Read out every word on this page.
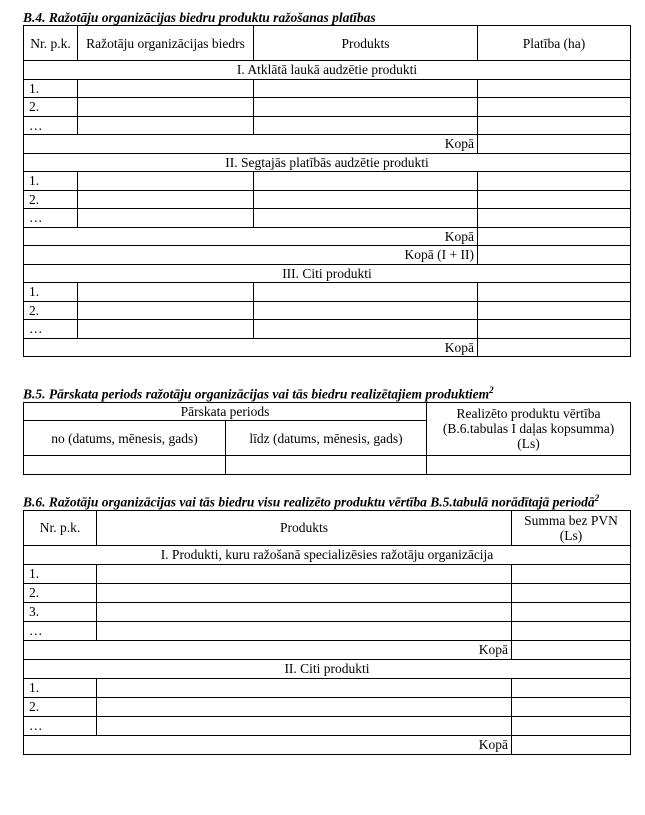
B.4. Ražotāju organizācijas biedru produktu ražošanas platības

Nr. p.k.	Ražotāju organizācijas biedrs	Produkts	Platība (ha)
I. Atklātā laukā audzētie produkti			
1.			
2.			
…			
Kopā			
II. Segtajās platībās audzētie produkti			
1.			
2.			
…			
Kopā			
Kopā (I + II)			
III. Citi produkti			
1.			
2.			
…			
Kopā			

B.5. Pārskata periods ražotāju organizācijas vai tās biedru realizētajiem produktiem$^2$

Pārskata periods		Realizēto produktu vērtība (B.6.tabulas I daļas kopsumma) (Ls)
no (datums, mēnesis, gads)	līdz (datums, mēnesis, gads)	

B.6. Ražotāju organizācijas vai tās biedru visu realizēto produktu vērtība B.5.tabulā norādītajā periodā$^2$

Nr. p.k.	Produkts	Summa bez PVN (Ls)
I. Produkti, kuru ražošanā specializēsies ražotāju organizācija		
1.		
2.		
3.		
…		
Kopā		
II. Citi produkti		
1.		
2.		
…		
Kopā		
